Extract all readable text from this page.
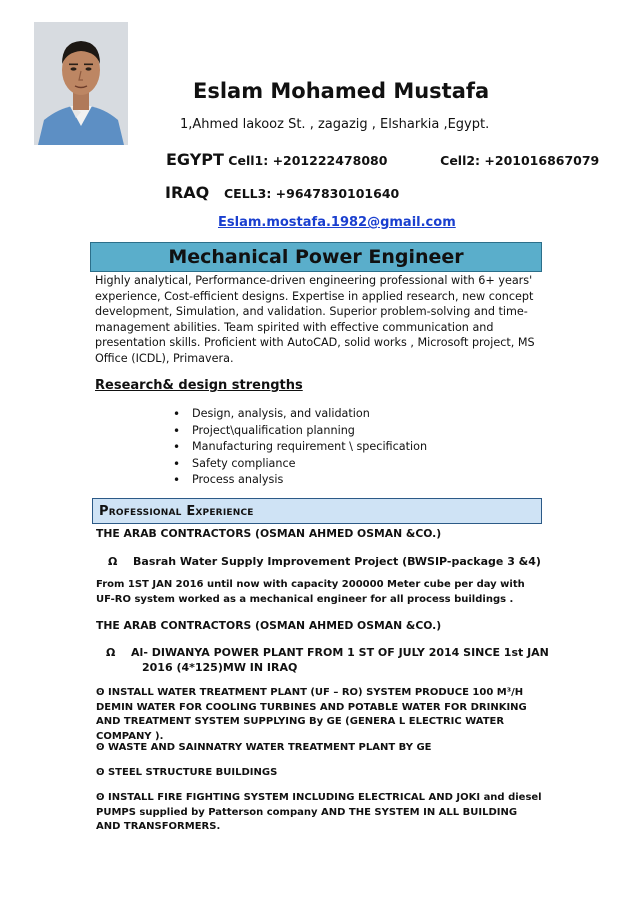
Eslam Mohamed Mustafa
1,Ahmed lakooz St. , zagazig , Elsharkia ,Egypt.
EGYPT Cell1: +201222478080	Cell2: +201016867079
IRAQ CELL3: +9647830101640
Eslam.mostafa.1982@gmail.com
Mechanical Power Engineer
Highly analytical, Performance-driven engineering professional with 6+ years' experience, Cost-efficient designs. Expertise in applied research, new concept development, Simulation, and validation. Superior problem-solving and time-management abilities. Team spirited with effective communication and presentation skills. Proficient with AutoCAD, solid works , Microsoft project, MS Office (ICDL), Primavera.
Research& design strengths
• Design, analysis, and validation
• Project\qualification planning
• Manufacturing requirement \ specification
• Safety compliance
• Process analysis
Professional Experience
THE ARAB CONTRACTORS (OSMAN AHMED OSMAN &CO.)
Ω Basrah Water Supply Improvement Project (BWSIP-package 3 &4)
From 1ST JAN 2016 until now with capacity 200000 Meter cube per day with UF-RO system worked as a mechanical engineer for all process buildings .
THE ARAB CONTRACTORS (OSMAN AHMED OSMAN &CO.)
Ω Al- DIWANYA POWER PLANT FROM 1 ST OF JULY 2014 SINCE 1st JAN
2016 (4*125)MW IN IRAQ
ʘ INSTALL WATER TREATMENT PLANT (UF – RO) SYSTEM PRODUCE 100 M³/H DEMIN WATER FOR COOLING TURBINES AND POTABLE WATER FOR DRINKING AND TREATMENT SYSTEM SUPPLYING By GE (GENERA L ELECTRIC WATER COMPANY ).
ʘ WASTE AND SAINNATRY WATER TREATMENT PLANT BY GE
ʘ STEEL STRUCTURE BUILDINGS
ʘ INSTALL FIRE FIGHTING SYSTEM INCLUDING ELECTRICAL AND JOKI and diesel PUMPS supplied by Patterson company AND THE SYSTEM IN ALL BUILDING AND TRANSFORMERS.
